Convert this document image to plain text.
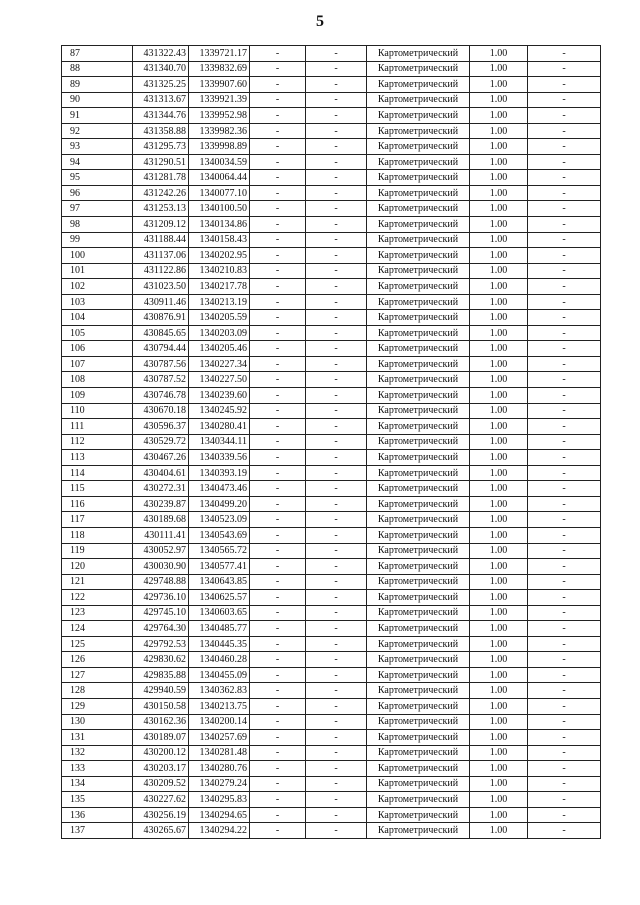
5
87	431322.43	1339721.17	-	-	Картометрический	1.00	-
88	431340.70	1339832.69	-	-	Картометрический	1.00	-
89	431325.25	1339907.60	-	-	Картометрический	1.00	-
90	431313.67	1339921.39	-	-	Картометрический	1.00	-
91	431344.76	1339952.98	-	-	Картометрический	1.00	-
92	431358.88	1339982.36	-	-	Картометрический	1.00	-
93	431295.73	1339998.89	-	-	Картометрический	1.00	-
94	431290.51	1340034.59	-	-	Картометрический	1.00	-
95	431281.78	1340064.44	-	-	Картометрический	1.00	-
96	431242.26	1340077.10	-	-	Картометрический	1.00	-
97	431253.13	1340100.50	-	-	Картометрический	1.00	-
98	431209.12	1340134.86	-	-	Картометрический	1.00	-
99	431188.44	1340158.43	-	-	Картометрический	1.00	-
100	431137.06	1340202.95	-	-	Картометрический	1.00	-
101	431122.86	1340210.83	-	-	Картометрический	1.00	-
102	431023.50	1340217.78	-	-	Картометрический	1.00	-
103	430911.46	1340213.19	-	-	Картометрический	1.00	-
104	430876.91	1340205.59	-	-	Картометрический	1.00	-
105	430845.65	1340203.09	-	-	Картометрический	1.00	-
106	430794.44	1340205.46	-	-	Картометрический	1.00	-
107	430787.56	1340227.34	-	-	Картометрический	1.00	-
108	430787.52	1340227.50	-	-	Картометрический	1.00	-
109	430746.78	1340239.60	-	-	Картометрический	1.00	-
110	430670.18	1340245.92	-	-	Картометрический	1.00	-
111	430596.37	1340280.41	-	-	Картометрический	1.00	-
112	430529.72	1340344.11	-	-	Картометрический	1.00	-
113	430467.26	1340339.56	-	-	Картометрический	1.00	-
114	430404.61	1340393.19	-	-	Картометрический	1.00	-
115	430272.31	1340473.46	-	-	Картометрический	1.00	-
116	430239.87	1340499.20	-	-	Картометрический	1.00	-
117	430189.68	1340523.09	-	-	Картометрический	1.00	-
118	430111.41	1340543.69	-	-	Картометрический	1.00	-
119	430052.97	1340565.72	-	-	Картометрический	1.00	-
120	430030.90	1340577.41	-	-	Картометрический	1.00	-
121	429748.88	1340643.85	-	-	Картометрический	1.00	-
122	429736.10	1340625.57	-	-	Картометрический	1.00	-
123	429745.10	1340603.65	-	-	Картометрический	1.00	-
124	429764.30	1340485.77	-	-	Картометрический	1.00	-
125	429792.53	1340445.35	-	-	Картометрический	1.00	-
126	429830.62	1340460.28	-	-	Картометрический	1.00	-
127	429835.88	1340455.09	-	-	Картометрический	1.00	-
128	429940.59	1340362.83	-	-	Картометрический	1.00	-
129	430150.58	1340213.75	-	-	Картометрический	1.00	-
130	430162.36	1340200.14	-	-	Картометрический	1.00	-
131	430189.07	1340257.69	-	-	Картометрический	1.00	-
132	430200.12	1340281.48	-	-	Картометрический	1.00	-
133	430203.17	1340280.76	-	-	Картометрический	1.00	-
134	430209.52	1340279.24	-	-	Картометрический	1.00	-
135	430227.62	1340295.83	-	-	Картометрический	1.00	-
136	430256.19	1340294.65	-	-	Картометрический	1.00	-
137	430265.67	1340294.22	-	-	Картометрический	1.00	-
